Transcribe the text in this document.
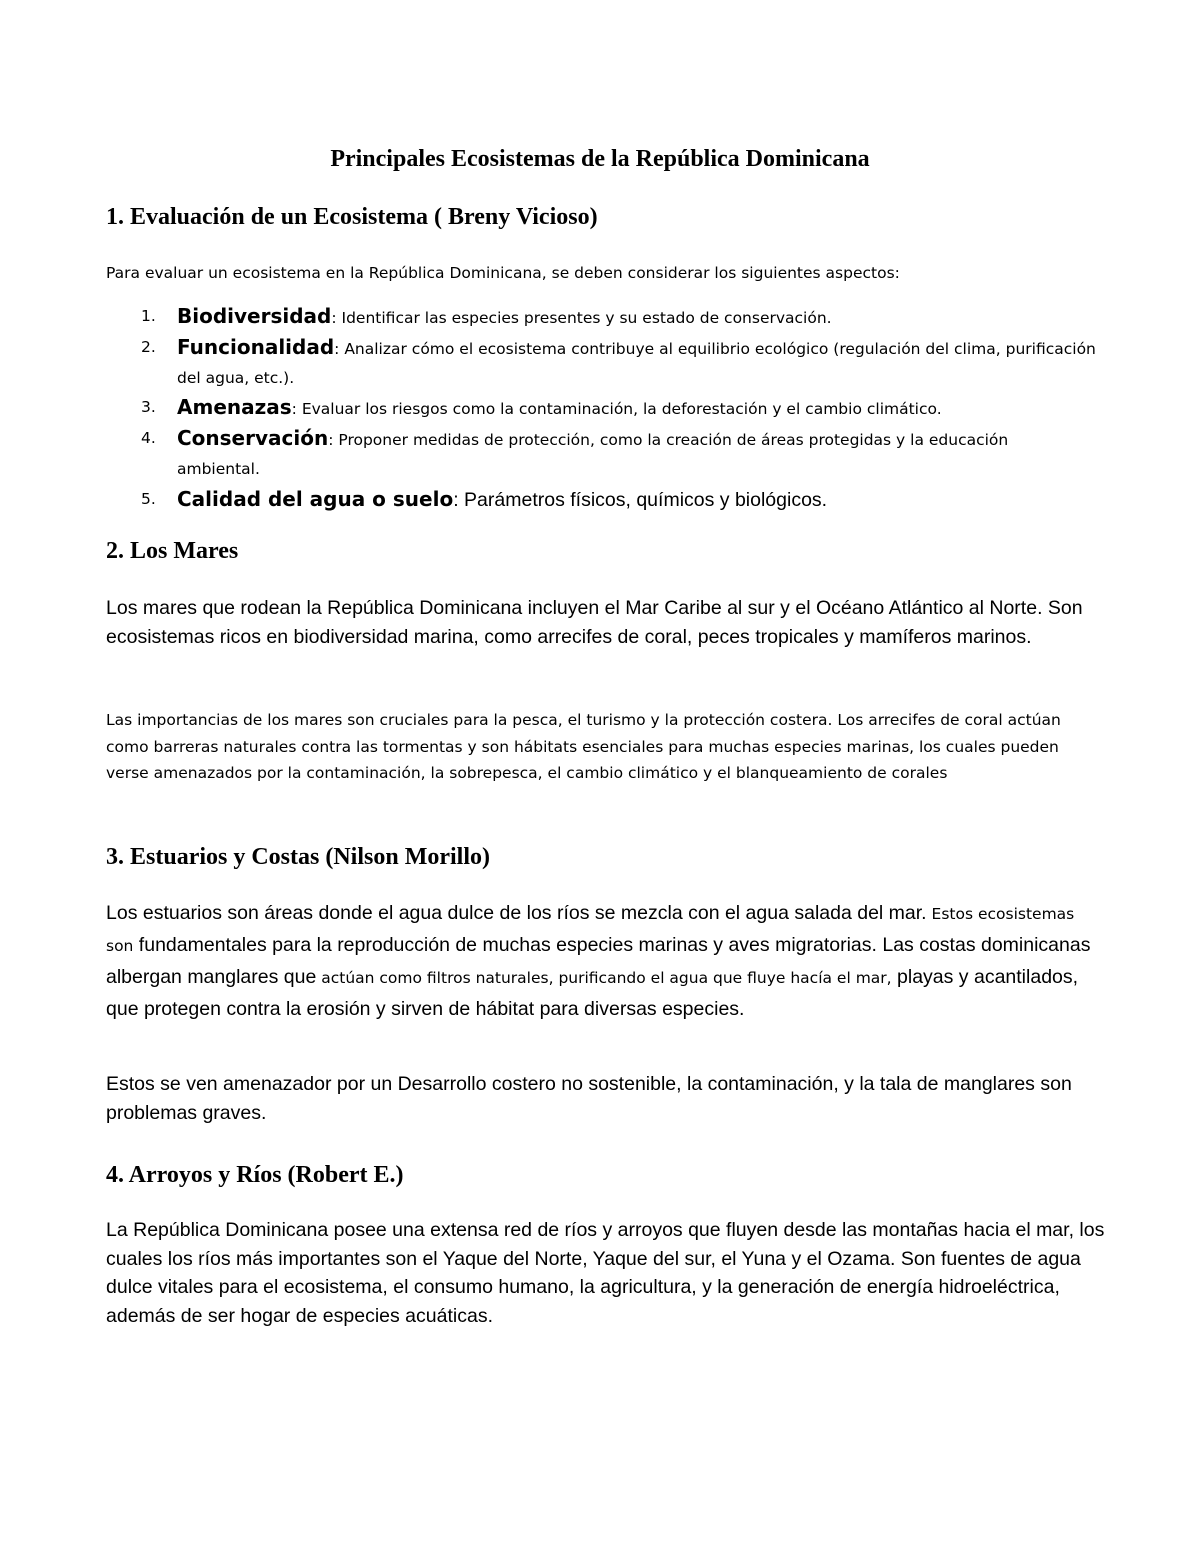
Principales Ecosistemas de la República Dominicana
1. Evaluación de un Ecosistema ( Breny Vicioso)

Para evaluar un ecosistema en la República Dominicana, se deben considerar los siguientes aspectos:

1. Biodiversidad: Identificar las especies presentes y su estado de conservación.
2. Funcionalidad: Analizar cómo el ecosistema contribuye al equilibrio ecológico (regulación del clima, purificación del agua, etc.).
3. Amenazas: Evaluar los riesgos como la contaminación, la deforestación y el cambio climático.
4. Conservación: Proponer medidas de protección, como la creación de áreas protegidas y la educación ambiental.
5. Calidad del agua o suelo: Parámetros físicos, químicos y biológicos.
2. Los Mares

Los mares que rodean la República Dominicana incluyen el Mar Caribe al sur y el Océano Atlántico al Norte. Son ecosistemas ricos en biodiversidad marina, como arrecifes de coral, peces tropicales y mamíferos marinos.

Las importancias de los mares son cruciales para la pesca, el turismo y la protección costera. Los arrecifes de coral actúan como barreras naturales contra las tormentas y son hábitats esenciales para muchas especies marinas, los cuales pueden verse amenazados por la contaminación, la sobrepesca, el cambio climático y el blanqueamiento de corales

3. Estuarios y Costas (Nilson Morillo)

Los estuarios son áreas donde el agua dulce de los ríos se mezcla con el agua salada del mar. Estos ecosistemas son fundamentales para la reproducción de muchas especies marinas y aves migratorias. Las costas dominicanas albergan manglares que actúan como filtros naturales, purificando el agua que fluye hacía el mar, playas y acantilados, que protegen contra la erosión y sirven de hábitat para diversas especies.

Estos se ven amenazador por un Desarrollo costero no sostenible, la contaminación, y la tala de manglares son problemas graves.

4. Arroyos y Ríos (Robert E.)

La República Dominicana posee una extensa red de ríos y arroyos que fluyen desde las montañas hacia el mar, los cuales los ríos más importantes son el Yaque del Norte, Yaque del sur, el Yuna y el Ozama. Son fuentes de agua dulce vitales para el ecosistema, el consumo humano, la agricultura, y la generación de energía hidroeléctrica, además de ser hogar de especies acuáticas.
